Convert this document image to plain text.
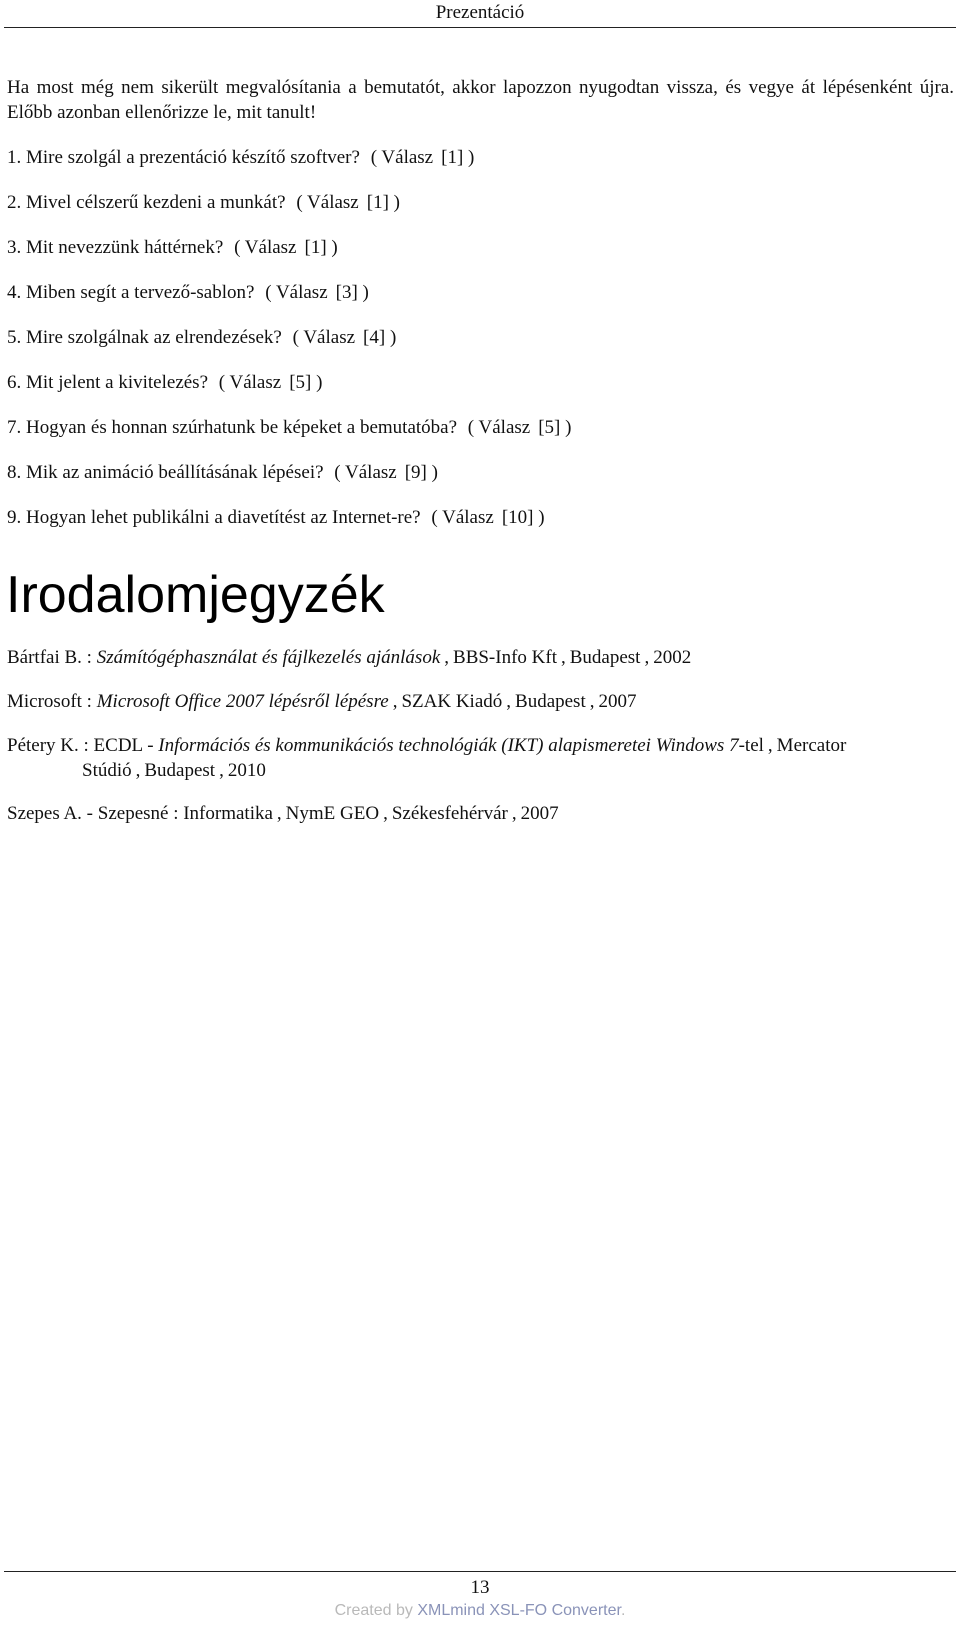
Prezentáció

Ha most még nem sikerült megvalósítania a bemutatót, akkor lapozzon nyugodtan vissza, és vegye át lépésenként újra. Előbb azonban ellenőrizze le, mit tanult!

1. Mire szolgál a prezentáció készítő szoftver? ( Válasz [1] )
2. Mivel célszerű kezdeni a munkát? ( Válasz [1] )
3. Mit nevezzünk háttérnek? ( Válasz [1] )
4. Miben segít a tervező-sablon? ( Válasz [3] )
5. Mire szolgálnak az elrendezések? ( Válasz [4] )
6. Mit jelent a kivitelezés? ( Válasz [5] )
7. Hogyan és honnan szúrhatunk be képeket a bemutatóba? ( Válasz [5] )
8. Mik az animáció beállításának lépései? ( Válasz [9] )
9. Hogyan lehet publikálni a diavetítést az Internet-re? ( Válasz [10] )
Irodalomjegyzék
Bártfai B. : Számítógéphasználat és fájlkezelés ajánlások , BBS-Info Kft , Budapest , 2002
Microsoft : Microsoft Office 2007 lépésről lépésre , SZAK Kiadó , Budapest , 2007
Pétery K. : ECDL - Információs és kommunikációs technológiák (IKT) alapismeretei Windows 7-tel , Mercator
Stúdió , Budapest , 2010
Szepes A. - Szepesné : Informatika , NymE GEO , Székesfehérvár , 2007
13
Created by XMLmind XSL-FO Converter.
